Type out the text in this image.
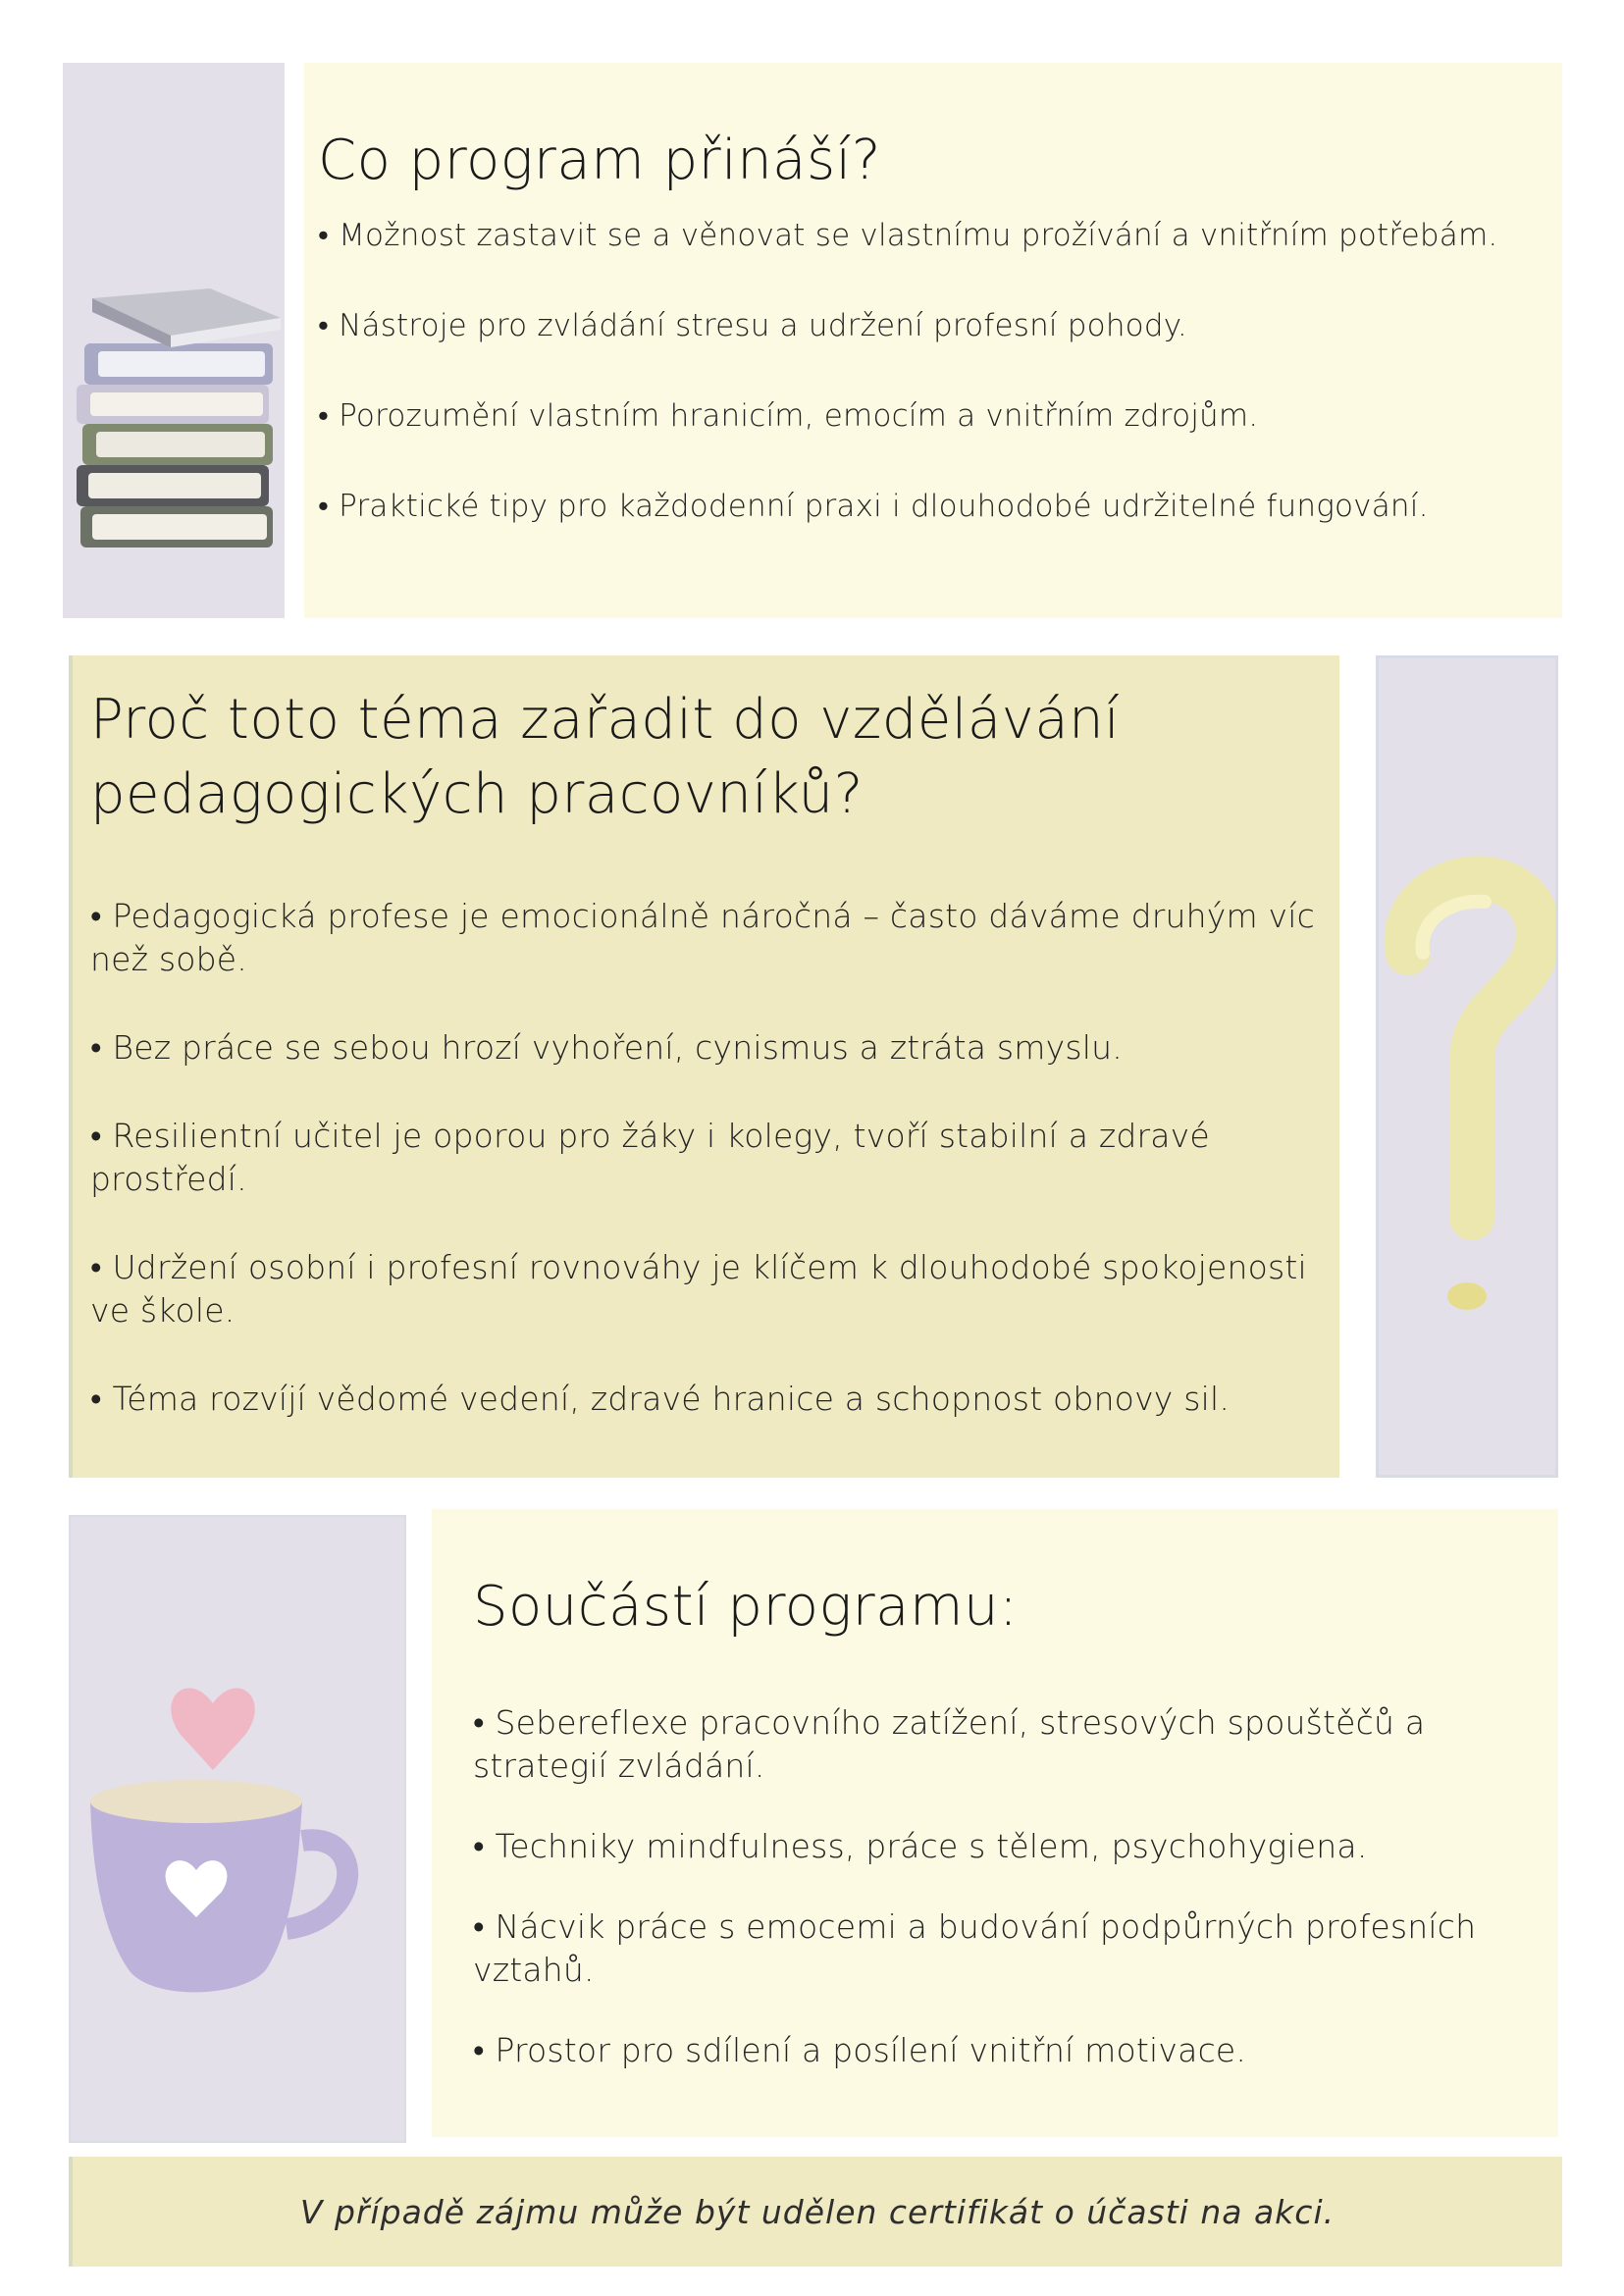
Co program přináší?
• Možnost zastavit se a věnovat se vlastnímu prožívání a vnitřním potřebám.
• Nástroje pro zvládání stresu a udržení profesní pohody.
• Porozumění vlastním hranicím, emocím a vnitřním zdrojům.
• Praktické tipy pro každodenní praxi i dlouhodobé udržitelné fungování.
Proč toto téma zařadit do vzdělávání pedagogických pracovníků?
• Pedagogická profese je emocionálně náročná – často dáváme druhým víc než sobě.
• Bez práce se sebou hrozí vyhoření, cynismus a ztráta smyslu.
• Resilientní učitel je oporou pro žáky i kolegy, tvoří stabilní a zdravé prostředí.
• Udržení osobní i profesní rovnováhy je klíčem k dlouhodobé spokojenosti ve škole.
• Téma rozvíjí vědomé vedení, zdravé hranice a schopnost obnovy sil.
Součástí programu:
• Sebereflexe pracovního zatížení, stresových spouštěčů a strategií zvládání.
• Techniky mindfulness, práce s tělem, psychohygiena.
• Nácvik práce s emocemi a budování podpůrných profesních vztahů.
• Prostor pro sdílení a posílení vnitřní motivace.
V případě zájmu může být udělen certifikát o účasti na akci.
